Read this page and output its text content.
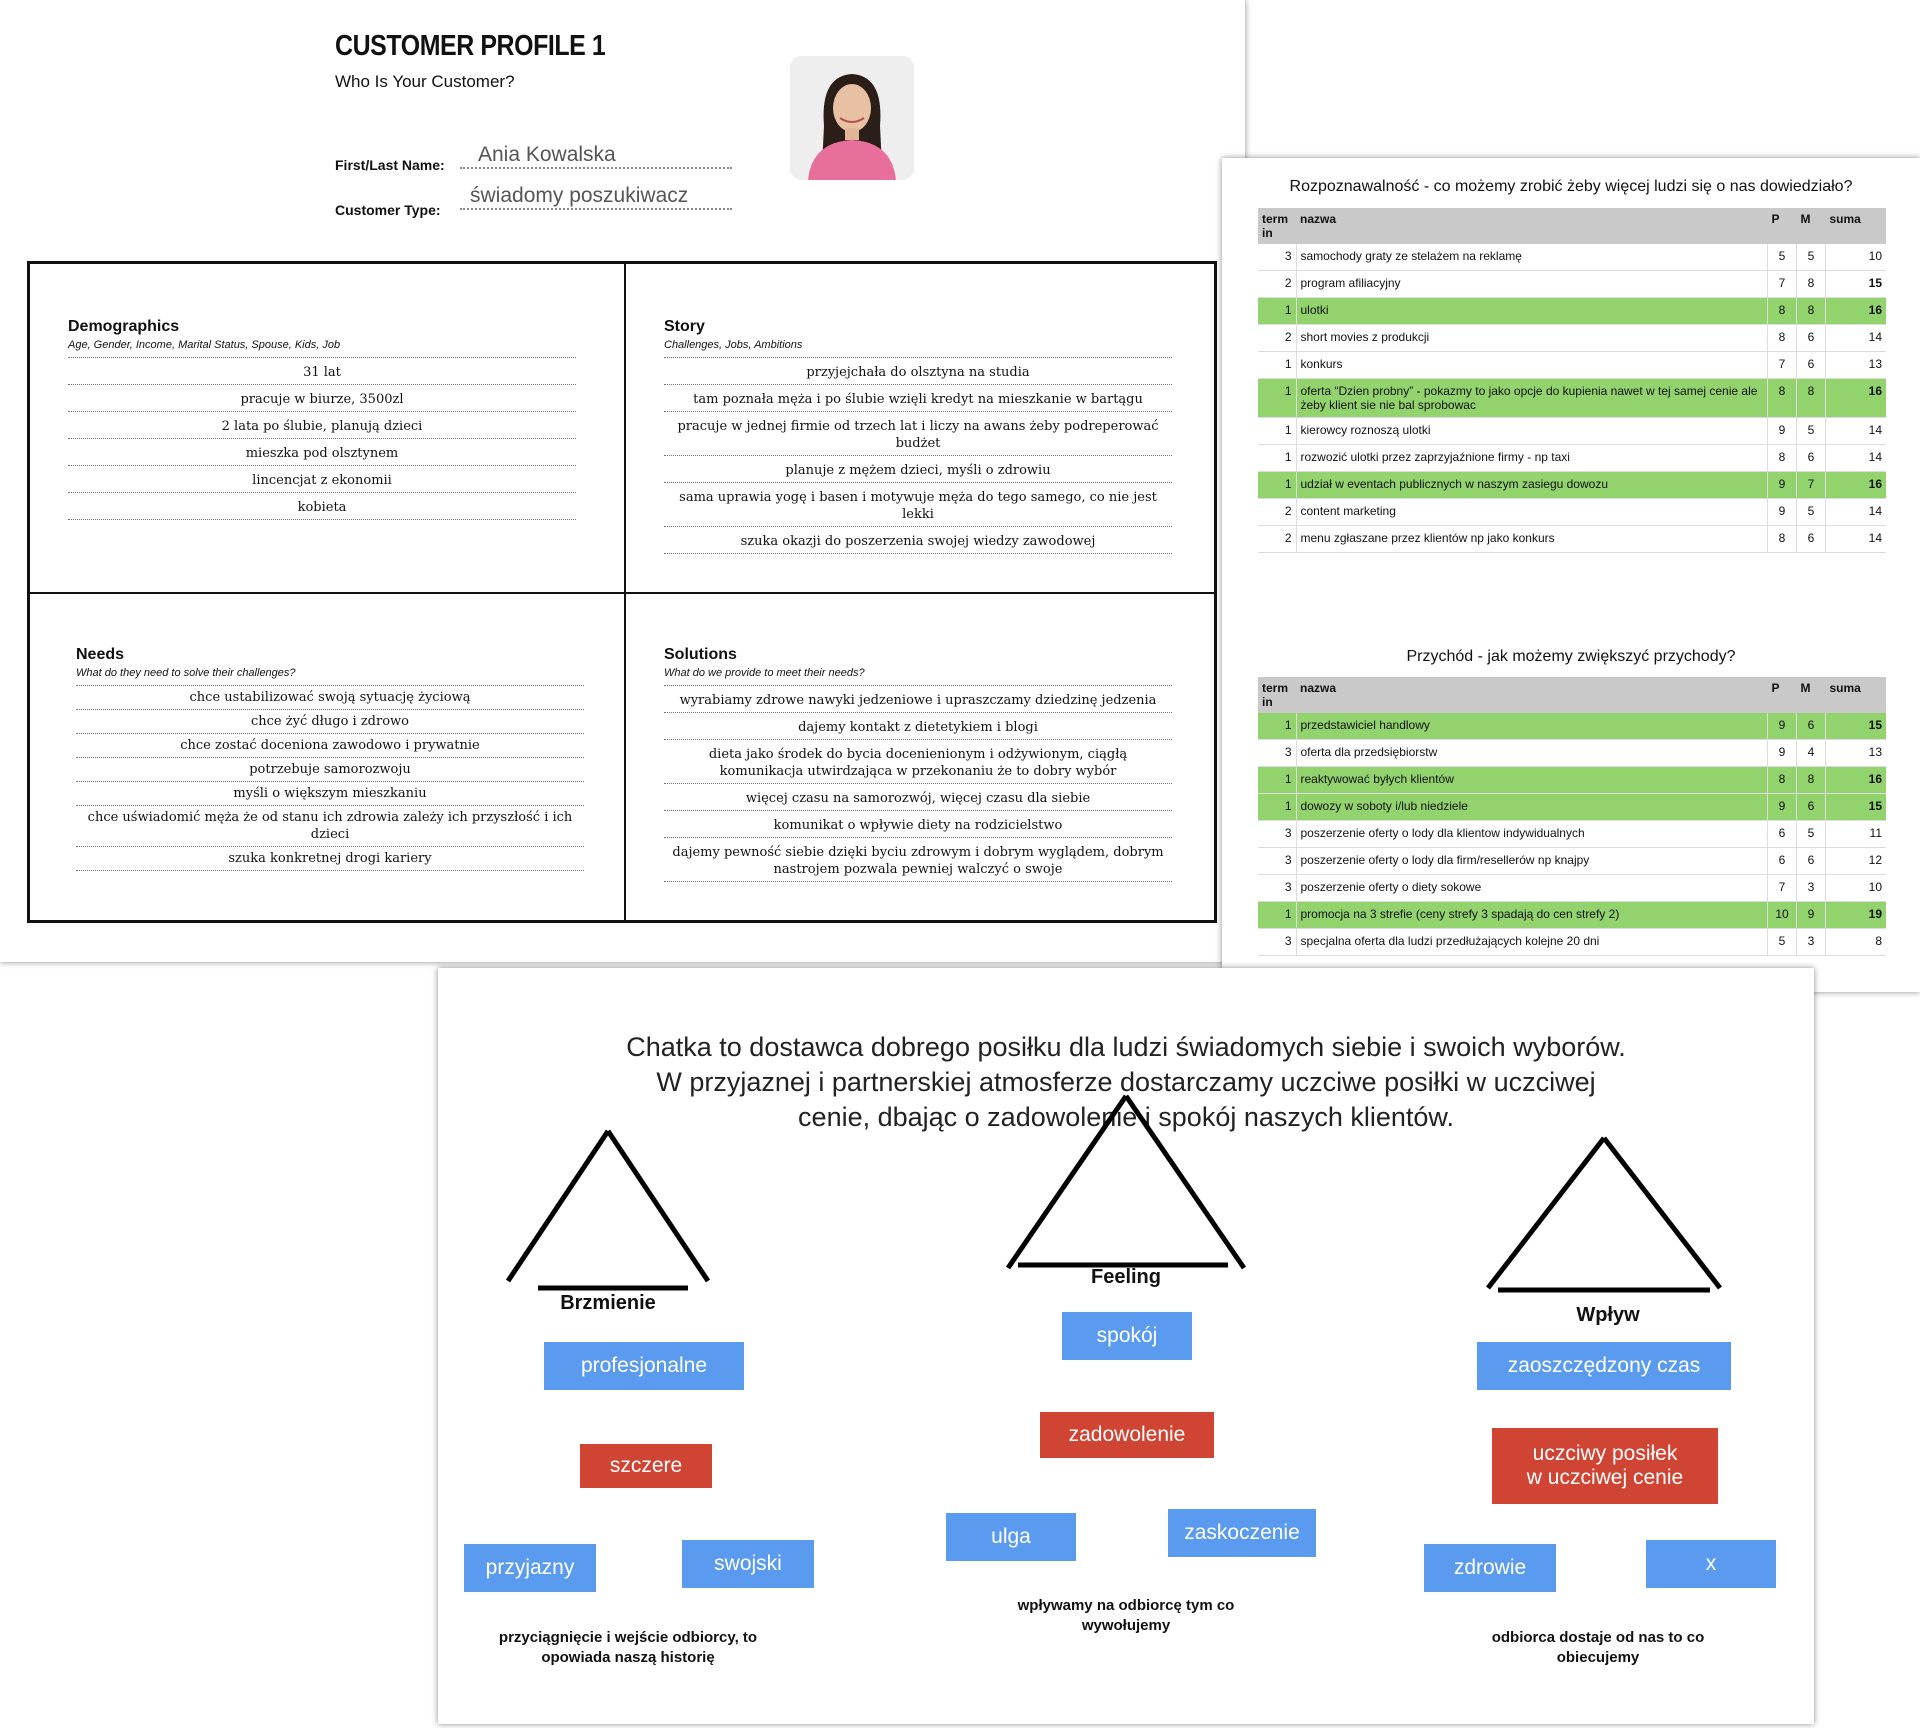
CUSTOMER PROFILE 1
Who Is Your Customer?
First/Last Name:	Ania Kowalska
Customer Type:
świadomy poszukiwacz
Demographics
Age, Gender, Income, Marital Status, Spouse, Kids, Job
31 lat
pracuje w biurze, 3500zl
2 lata po ślubie, planują dzieci
mieszka pod olsztynem
lincencjat z ekonomii
kobieta
Story
Challenges, Jobs, Ambitions
przyjejchała do olsztyna na studia
tam poznała męża i po ślubie wzięli kredyt na mieszkanie w bartągu
pracuje w jednej firmie od trzech lat i liczy na awans żeby podreperować budżet
planuje z mężem dzieci, myśli o zdrowiu
sama uprawia yogę i basen i motywuje męża do tego samego, co nie jest lekki
szuka okazji do poszerzenia swojej wiedzy zawodowej
Needs
What do they need to solve their challenges?
chce ustabilizować swoją sytuację życiową
chce żyć długo i zdrowo
chce zostać doceniona zawodowo i prywatnie
potrzebuje samorozwoju
myśli o większym mieszkaniu
chce uświadomić męża że od stanu ich zdrowia zależy ich przyszłość i ich dzieci
szuka konkretnej drogi kariery
Solutions
What do we provide to meet their needs?
wyrabiamy zdrowe nawyki jedzeniowe i upraszczamy dziedzinę jedzenia
dajemy kontakt z dietetykiem i blogi
dieta jako środek do bycia docenienionym i odżywionym, ciągłą komunikacja utwirdzająca w przekonaniu że to dobry wybór
więcej czasu na samorozwój, więcej czasu dla siebie
komunikat o wpływie diety na rodzicielstwo
dajemy pewność siebie dzięki byciu zdrowym i dobrym wyglądem, dobrym nastrojem pozwala pewniej walczyć o swoje
Rozpoznawalność - co możemy zrobić żeby więcej ludzi się o nas dowiedziało?
term in	nazwa	P	M	suma
3	samochody graty ze stelażem na reklamę	5	5	10
2	program afiliacyjny	7	8	15
1	ulotki	8	8	16
2	short movies z produkcji	8	6	14
1	konkurs	7	6	13
1	oferta “Dzien probny” - pokazmy to jako opcje do kupienia nawet w tej samej cenie ale żeby klient sie nie bal sprobowac	8	8	16
1	kierowcy roznoszą ulotki	9	5	14
1	rozwozić ulotki przez zaprzyjaźnione firmy - np taxi	8	6	14
1	udział w eventach publicznych w naszym zasiegu dowozu	9	7	16
2	content marketing	9	5	14
2	menu zgłaszane przez klientów np jako konkurs	8	6	14
Przychód - jak możemy zwiększyć przychody?
term in	nazwa	P	M	suma
1	przedstawiciel handlowy	9	6	15
3	oferta dla przedsiębiorstw	9	4	13
1	reaktywować byłych klientów	8	8	16
1	dowozy w soboty i/lub niedziele	9	6	15
3	poszerzenie oferty o lody dla klientow indywidualnych	6	5	11
3	poszerzenie oferty o lody dla firm/resellerów np knajpy	6	6	12
3	poszerzenie oferty o diety sokowe	7	3	10
1	promocja na 3 strefie (ceny strefy 3 spadają do cen strefy 2)	10	9	19
3	specjalna oferta dla ludzi przedłużających kolejne 20 dni	5	3	8
Chatka to dostawca dobrego posiłku dla ludzi świadomych siebie i swoich wyborów.
W przyjaznej i partnerskiej atmosferze dostarczamy uczciwe posiłki w uczciwej
cenie, dbając o zadowolenie i spokój naszych klientów.
Brzmienie
profesjonalne
szczere
przyjazny	swojski
przyciągnięcie i wejście odbiorcy, to
opowiada naszą historię
Feeling
spokój
zadowolenie
ulga	zaskoczenie
wpływamy na odbiorcę tym co
wywołujemy
Wpływ
zaoszczędzony czas
uczciwy posiłek
w uczciwej cenie
zdrowie	x
odbiorca dostaje od nas to co
obiecujemy
